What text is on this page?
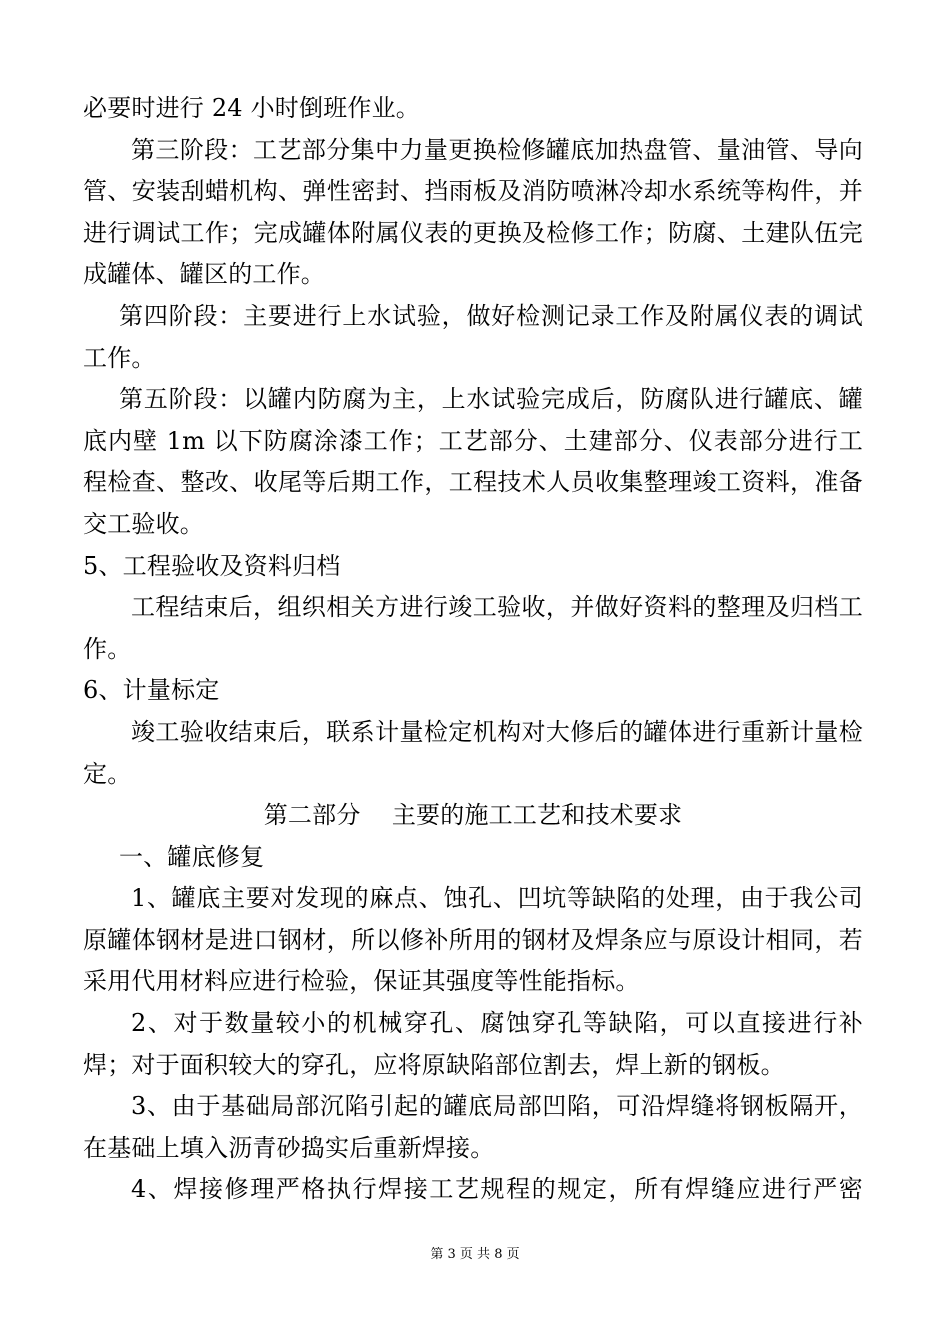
必要时进行 24 小时倒班作业。

第三阶段：工艺部分集中力量更换检修罐底加热盘管、量油管、导向管、安装刮蜡机构、弹性密封、挡雨板及消防喷淋冷却水系统等构件，并进行调试工作；完成罐体附属仪表的更换及检修工作；防腐、土建队伍完成罐体、罐区的工作。

第四阶段：主要进行上水试验，做好检测记录工作及附属仪表的调试工作。

第五阶段：以罐内防腐为主，上水试验完成后，防腐队进行罐底、罐底内壁 1m 以下防腐涂漆工作；工艺部分、土建部分、仪表部分进行工程检查、整改、收尾等后期工作，工程技术人员收集整理竣工资料，准备交工验收。

5、工程验收及资料归档

工程结束后，组织相关方进行竣工验收，并做好资料的整理及归档工作。

6、计量标定

竣工验收结束后，联系计量检定机构对大修后的罐体进行重新计量检定。

第二部分    主要的施工工艺和技术要求

一、罐底修复

1、罐底主要对发现的麻点、蚀孔、凹坑等缺陷的处理，由于我公司原罐体钢材是进口钢材，所以修补所用的钢材及焊条应与原设计相同，若采用代用材料应进行检验，保证其强度等性能指标。

2、对于数量较小的机械穿孔、腐蚀穿孔等缺陷，可以直接进行补焊；对于面积较大的穿孔，应将原缺陷部位割去，焊上新的钢板。

3、由于基础局部沉陷引起的罐底局部凹陷，可沿焊缝将钢板隔开，在基础上填入沥青砂捣实后重新焊接。

4、焊接修理严格执行焊接工艺规程的规定，所有焊缝应进行严密

第 3 页 共 8 页
